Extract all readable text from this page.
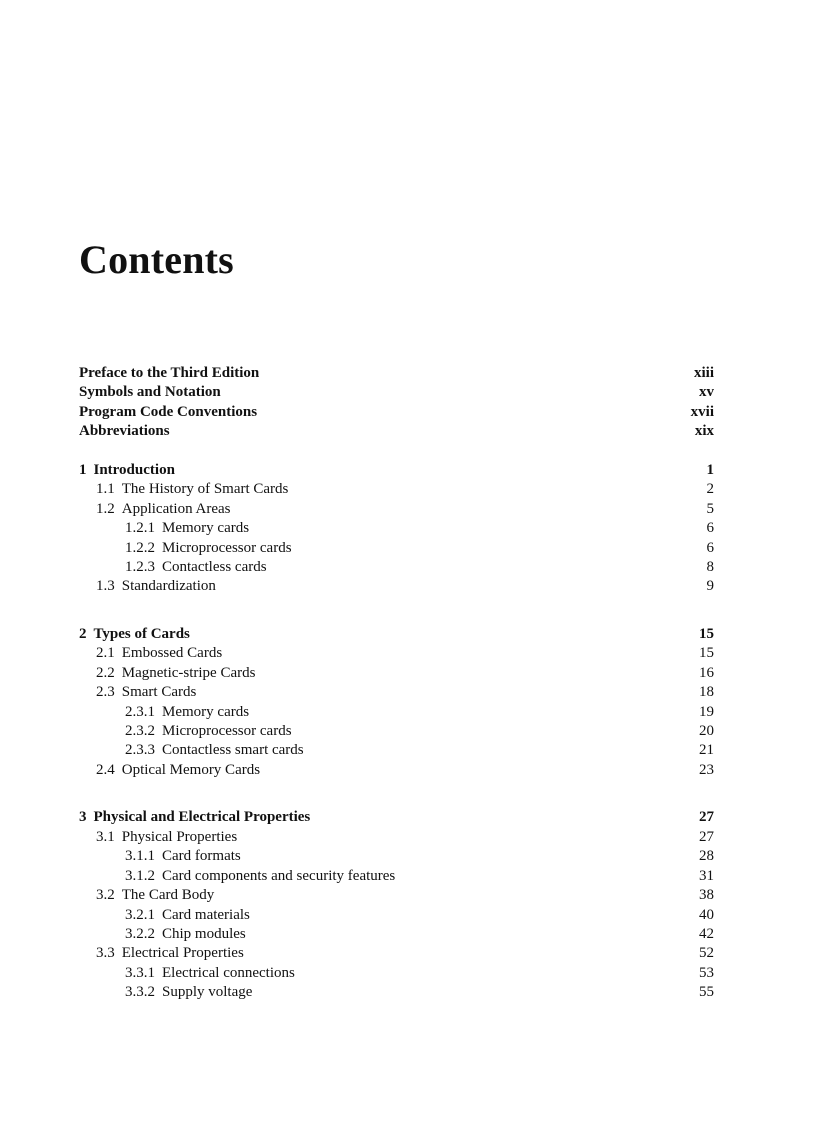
Contents
Preface to the Third Edition	xiii
Symbols and Notation	xv
Program Code Conventions	xvii
Abbreviations	xix
1 Introduction	1
1.1 The History of Smart Cards	2
1.2 Application Areas	5
1.2.1 Memory cards	6
1.2.2 Microprocessor cards	6
1.2.3 Contactless cards	8
1.3 Standardization	9
2 Types of Cards	15
2.1 Embossed Cards	15
2.2 Magnetic-stripe Cards	16
2.3 Smart Cards	18
2.3.1 Memory cards	19
2.3.2 Microprocessor cards	20
2.3.3 Contactless smart cards	21
2.4 Optical Memory Cards	23
3 Physical and Electrical Properties	27
3.1 Physical Properties	27
3.1.1 Card formats	28
3.1.2 Card components and security features	31
3.2 The Card Body	38
3.2.1 Card materials	40
3.2.2 Chip modules	42
3.3 Electrical Properties	52
3.3.1 Electrical connections	53
3.3.2 Supply voltage	55
